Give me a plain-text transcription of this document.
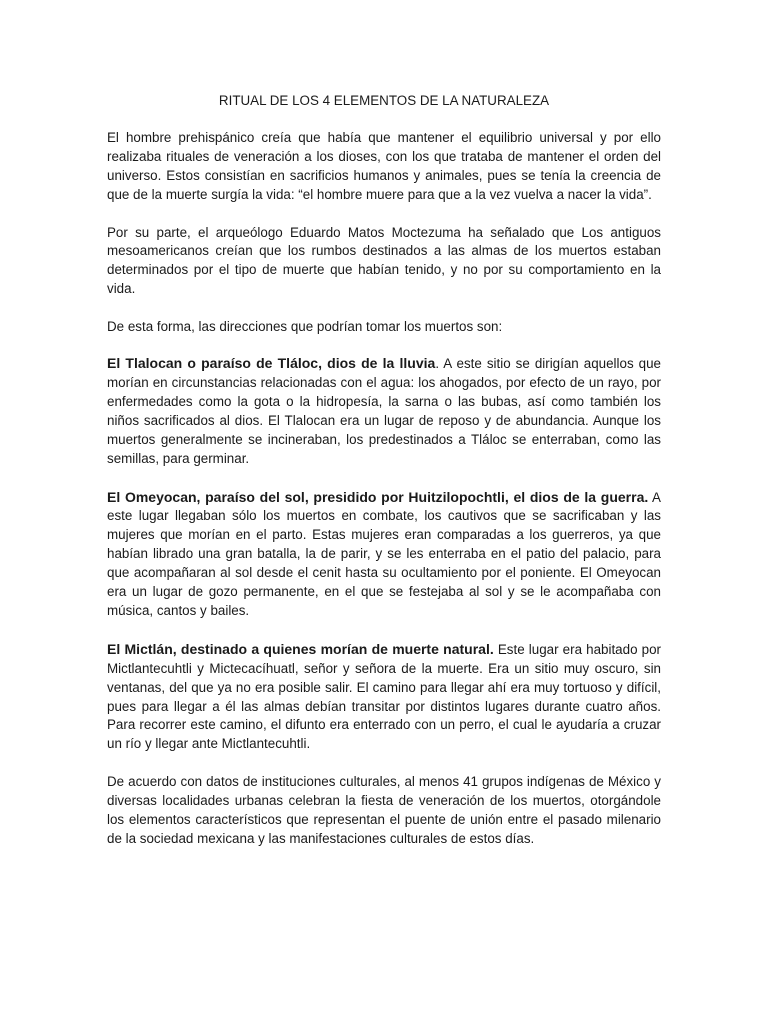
RITUAL DE LOS 4 ELEMENTOS DE LA NATURALEZA

El hombre prehispánico creía que había que mantener el equilibrio universal y por ello realizaba rituales de veneración a los dioses, con los que trataba de mantener el orden del universo. Estos consistían en sacrificios humanos y animales, pues se tenía la creencia de que de la muerte surgía la vida: “el hombre muere para que a la vez vuelva a nacer la vida”.

Por su parte, el arqueólogo Eduardo Matos Moctezuma ha señalado que Los antiguos mesoamericanos creían que los rumbos destinados a las almas de los muertos estaban determinados por el tipo de muerte que habían tenido, y no por su comportamiento en la vida.

De esta forma, las direcciones que podrían tomar los muertos son:

El Tlalocan o paraíso de Tláloc, dios de la lluvia. A este sitio se dirigían aquellos que morían en circunstancias relacionadas con el agua: los ahogados, por efecto de un rayo, por enfermedades como la gota o la hidropesía, la sarna o las bubas, así como también los niños sacrificados al dios. El Tlalocan era un lugar de reposo y de abundancia. Aunque los muertos generalmente se incineraban, los predestinados a Tláloc se enterraban, como las semillas, para germinar.

El Omeyocan, paraíso del sol, presidido por Huitzilopochtli, el dios de la guerra. A este lugar llegaban sólo los muertos en combate, los cautivos que se sacrificaban y las mujeres que morían en el parto. Estas mujeres eran comparadas a los guerreros, ya que habían librado una gran batalla, la de parir, y se les enterraba en el patio del palacio, para que acompañaran al sol desde el cenit hasta su ocultamiento por el poniente. El Omeyocan era un lugar de gozo permanente, en el que se festejaba al sol y se le acompañaba con música, cantos y bailes.

El Mictlán, destinado a quienes morían de muerte natural. Este lugar era habitado por Mictlantecuhtli y Mictecacíhuatl, señor y señora de la muerte. Era un sitio muy oscuro, sin ventanas, del que ya no era posible salir. El camino para llegar ahí era muy tortuoso y difícil, pues para llegar a él las almas debían transitar por distintos lugares durante cuatro años. Para recorrer este camino, el difunto era enterrado con un perro, el cual le ayudaría a cruzar un río y llegar ante Mictlantecuhtli.

De acuerdo con datos de instituciones culturales, al menos 41 grupos indígenas de México y diversas localidades urbanas celebran la fiesta de veneración de los muertos, otorgándole los elementos característicos que representan el puente de unión entre el pasado milenario de la sociedad mexicana y las manifestaciones culturales de estos días.
